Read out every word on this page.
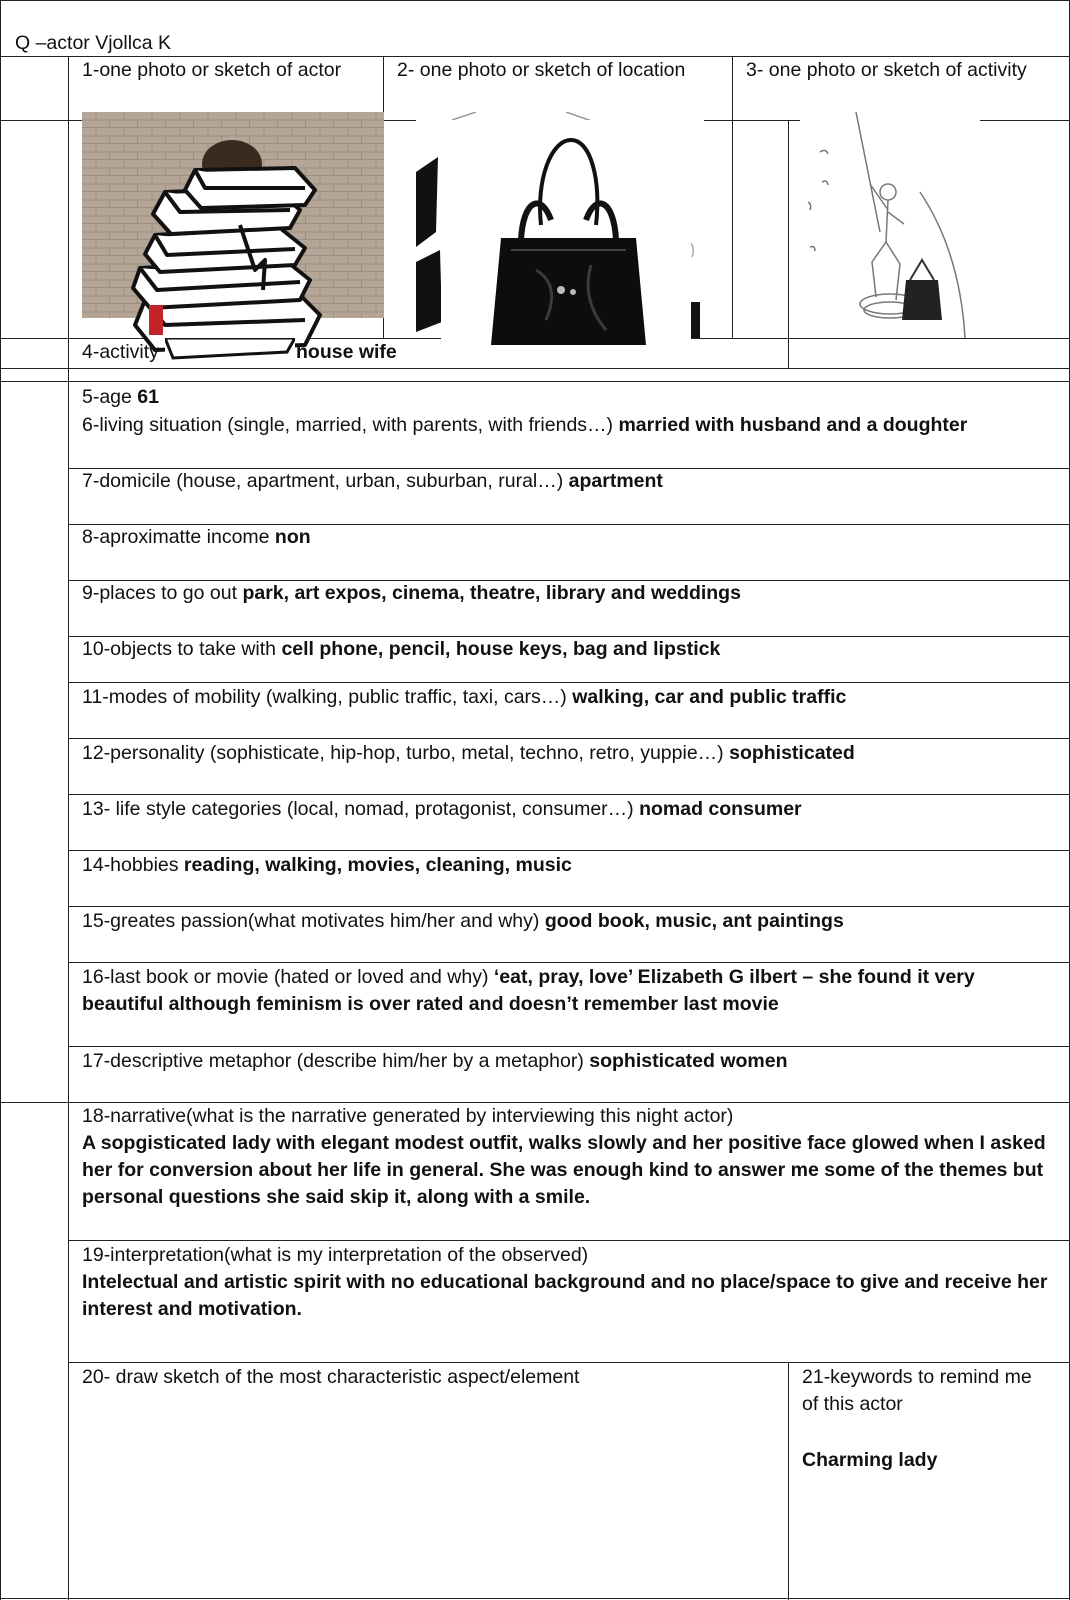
Q –actor Vjollca K
1-one photo or sketch of actor	2- one photo or sketch of location	3- one photo or sketch of activity
4-activity	house wife
5-age 61
6-living situation (single, married, with parents, with friends…) married with husband and a doughter
7-domicile (house, apartment, urban, suburban, rural…) apartment
8-aproximatte income non
9-places to go out park, art expos, cinema, theatre, library and weddings
10-objects to take with cell phone, pencil, house keys, bag and lipstick
11-modes of mobility (walking, public traffic, taxi, cars…) walking, car and public traffic
12-personality (sophisticate, hip-hop, turbo, metal, techno, retro, yuppie…) sophisticated
13- life style categories (local, nomad, protagonist, consumer…) nomad consumer
14-hobbies reading, walking, movies, cleaning, music
15-greates passion(what motivates him/her and why) good book, music, ant paintings
16-last book or movie (hated or loved and why) ‘eat, pray, love’ Elizabeth G ilbert – she found it very
beautiful although feminism is over rated and doesn’t remember last movie
17-descriptive metaphor (describe him/her by a metaphor) sophisticated women
18-narrative(what is the narrative generated by interviewing this night actor)
A sopgisticated lady with elegant modest outfit, walks slowly and her positive face glowed when I asked
her for conversion about her life in general. She was enough kind to answer me some of the themes but
personal questions she said skip it, along with a smile.
19-interpretation(what is my interpretation of the observed)
Intelectual and artistic spirit with no educational background and no place/space to give and receive her
interest and motivation.
20- draw sketch of the most characteristic aspect/element	21-keywords to remind me
of this actor
Charming lady
